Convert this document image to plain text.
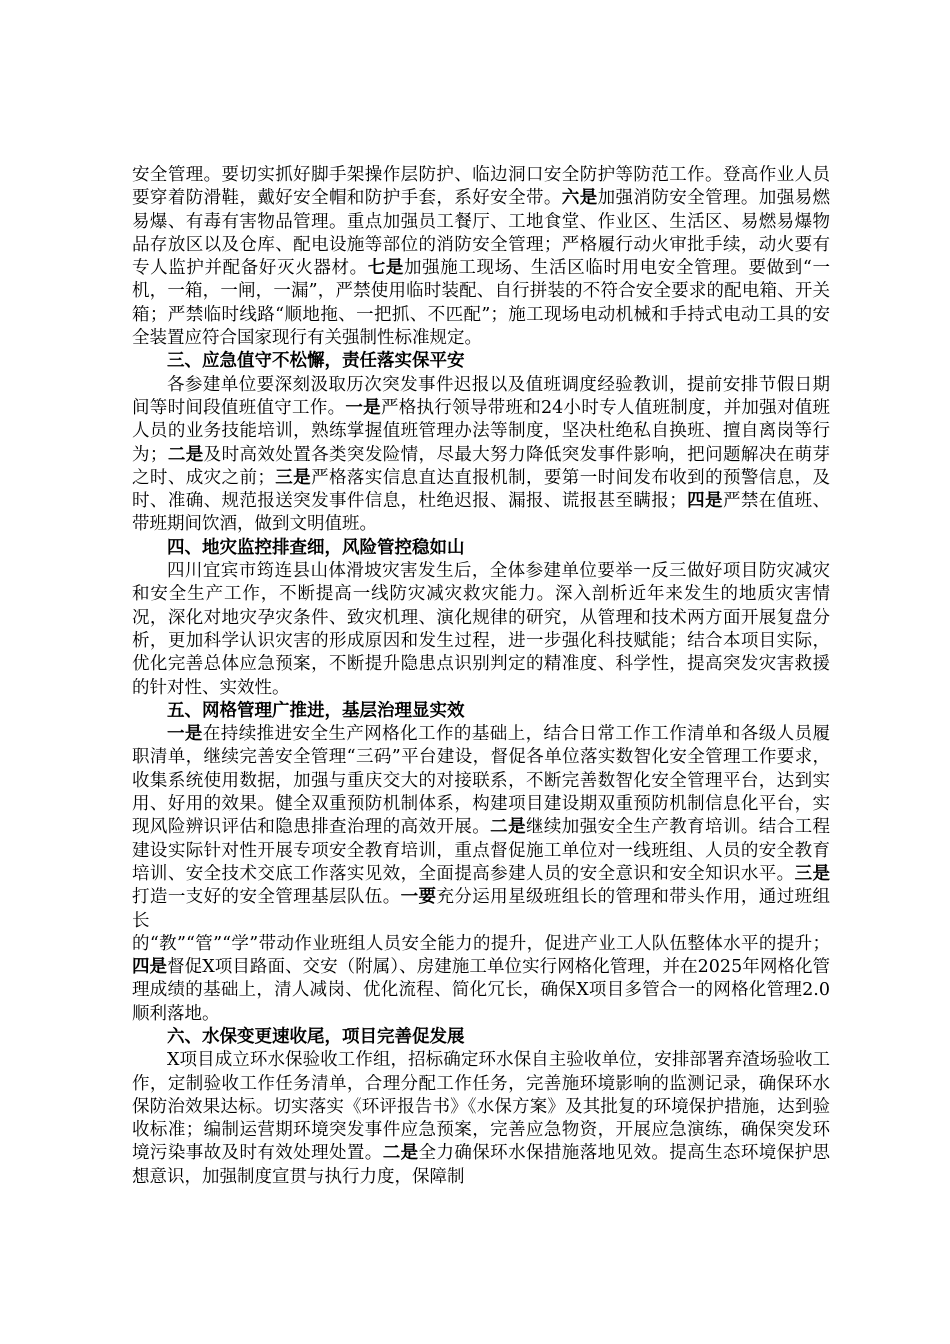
安全管理。要切实抓好脚手架操作层防护、临边洞口安全防护等防范工作。登高作业人员要穿着防滑鞋，戴好安全帽和防护手套，系好安全带。六是加强消防安全管理。加强易燃易爆、有毒有害物品管理。重点加强员工餐厅、工地食堂、作业区、生活区、易燃易爆物品存放区以及仓库、配电设施等部位的消防安全管理；严格履行动火审批手续，动火要有专人监护并配备好灭火器材。七是加强施工现场、生活区临时用电安全管理。要做到“一机，一箱，一闸，一漏”，严禁使用临时装配、自行拼装的不符合安全要求的配电箱、开关箱；严禁临时线路“顺地拖、一把抓、不匹配”；施工现场电动机械和手持式电动工具的安全装置应符合国家现行有关强制性标准规定。

三、应急值守不松懈，责任落实保平安

各参建单位要深刻汲取历次突发事件迟报以及值班调度经验教训，提前安排节假日期间等时间段值班值守工作。一是严格执行领导带班和24小时专人值班制度，并加强对值班人员的业务技能培训，熟练掌握值班管理办法等制度，坚决杜绝私自换班、擅自离岗等行为；二是及时高效处置各类突发险情，尽最大努力降低突发事件影响，把问题解决在萌芽之时、成灾之前；三是严格落实信息直达直报机制，要第一时间发布收到的预警信息，及时、准确、规范报送突发事件信息，杜绝迟报、漏报、谎报甚至瞒报；四是严禁在值班、带班期间饮酒，做到文明值班。

四、地灾监控排查细，风险管控稳如山

四川宜宾市筠连县山体滑坡灾害发生后，全体参建单位要举一反三做好项目防灾减灾和安全生产工作，不断提高一线防灾减灾救灾能力。深入剖析近年来发生的地质灾害情况，深化对地灾孕灾条件、致灾机理、演化规律的研究，从管理和技术两方面开展复盘分析，更加科学认识灾害的形成原因和发生过程，进一步强化科技赋能；结合本项目实际，优化完善总体应急预案，不断提升隐患点识别判定的精准度、科学性，提高突发灾害救援的针对性、实效性。

五、网格管理广推进，基层治理显实效

一是在持续推进安全生产网格化工作的基础上，结合日常工作工作清单和各级人员履职清单，继续完善安全管理“三码”平台建设，督促各单位落实数智化安全管理工作要求，收集系统使用数据，加强与重庆交大的对接联系，不断完善数智化安全管理平台，达到实用、好用的效果。健全双重预防机制体系，构建项目建设期双重预防机制信息化平台，实现风险辨识评估和隐患排查治理的高效开展。二是继续加强安全生产教育培训。结合工程建设实际针对性开展专项安全教育培训，重点督促施工单位对一线班组、人员的安全教育培训、安全技术交底工作落实见效，全面提高参建人员的安全意识和安全知识水平。三是打造一支好的安全管理基层队伍。一要充分运用星级班组长的管理和带头作用，通过班组长

的“教”“管”“学”带动作业班组人员安全能力的提升，促进产业工人队伍整体水平的提升；四是督促X项目路面、交安（附属）、房建施工单位实行网格化管理，并在2025年网格化管理成绩的基础上，清人减岗、优化流程、简化冗长，确保X项目多管合一的网格化管理2.0顺利落地。

六、水保变更速收尾，项目完善促发展

X项目成立环水保验收工作组，招标确定环水保自主验收单位，安排部署弃渣场验收工作，定制验收工作任务清单，合理分配工作任务，完善施环境影响的监测记录，确保环水保防治效果达标。切实落实《环评报告书》《水保方案》及其批复的环境保护措施，达到验收标准；编制运营期环境突发事件应急预案，完善应急物资，开展应急演练，确保突发环境污染事故及时有效处理处置。二是全力确保环水保措施落地见效。提高生态环境保护思想意识，加强制度宣贯与执行力度，保障制
